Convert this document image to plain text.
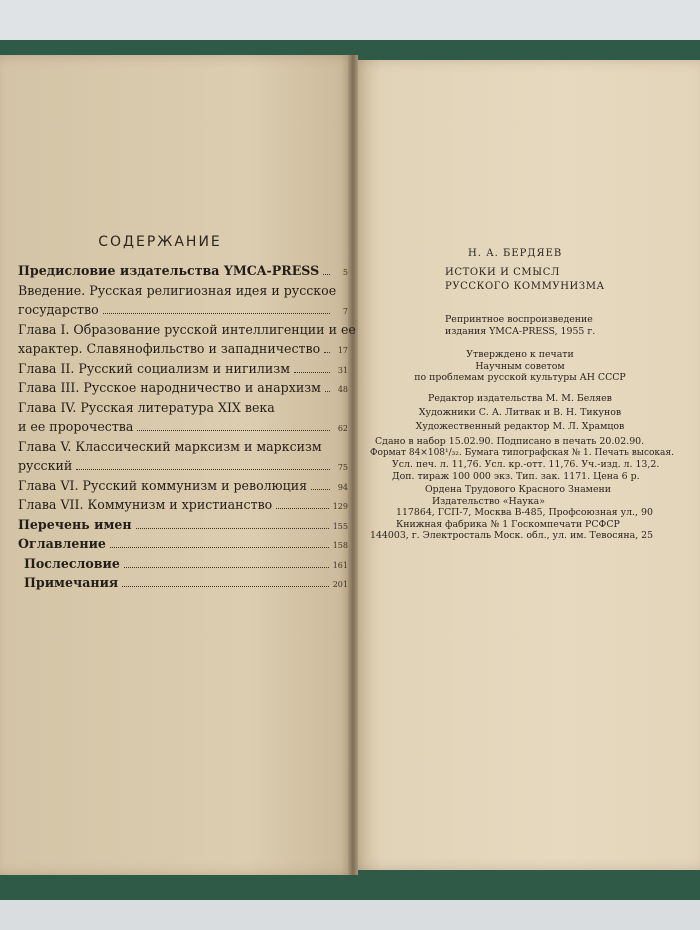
СОДЕРЖАНИЕ
Предисловие издательства YMCA-PRESS	5
Введение. Русская религиозная идея и русское
государство	7
Глава I. Образование русской интеллигенции и ее
характер. Славянофильство и западничество	17
Глава II. Русский социализм и нигилизм	31
Глава III. Русское народничество и анархизм	48
Глава IV. Русская литература XIX века
и ее пророчества	62
Глава V. Классический марксизм и марксизм
русский	75
Глава VI. Русский коммунизм и революция	94
Глава VII. Коммунизм и христианство	129
Перечень имен	155
Оглавление	158
Послесловие	161
Примечания	201
Н. А. БЕРДЯЕВ
ИСТОКИ И СМЫСЛ
РУССКОГО КОММУНИЗМА
Репринтное воспроизведение
издания YMCA-PRESS, 1955 г.
Утверждено к печати
Научным советом
по проблемам русской культуры АН СССР
Редактор издательства М. М. Беляев
Художники С. А. Литвак и В. Н. Тикунов
Художественный редактор М. Л. Храмцов
Сдано в набор 15.02.90. Подписано в печать 20.02.90.
Формат 84×108¹/₃₂. Бумага типографская № 1. Печать высокая.
Усл. печ. л. 11,76. Усл. кр.-отт. 11,76. Уч.-изд. л. 13,2.
Доп. тираж 100 000 экз. Тип. зак. 1171. Цена 6 р.
Ордена Трудового Красного Знамени
Издательство «Наука»
117864, ГСП-7, Москва В-485, Профсоюзная ул., 90
Книжная фабрика № 1 Госкомпечати РСФСР
144003, г. Электросталь Моск. обл., ул. им. Тевосяна, 25
